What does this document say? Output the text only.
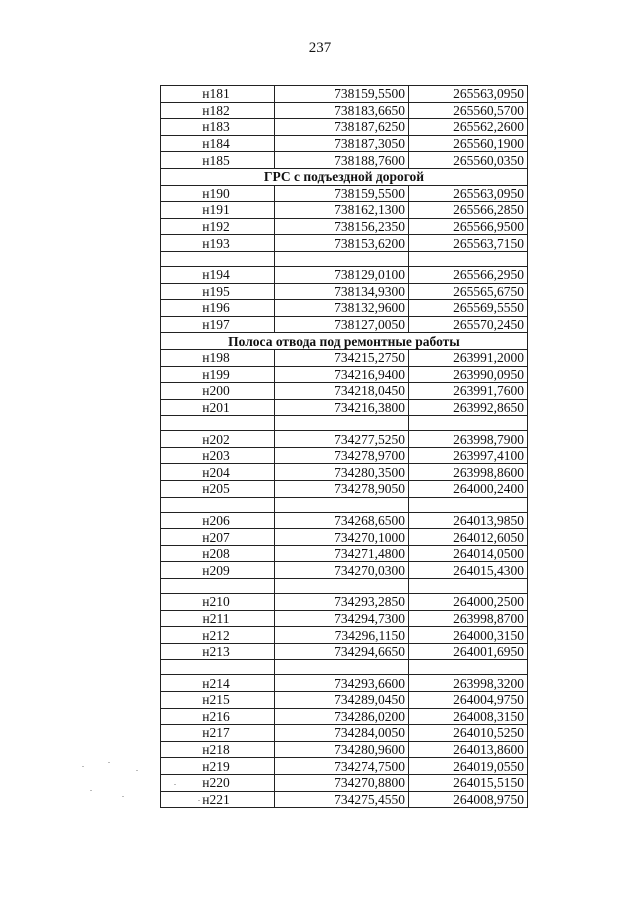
237
н181	738159,5500	265563,0950
н182	738183,6650	265560,5700
н183	738187,6250	265562,2600
н184	738187,3050	265560,1900
н185	738188,7600	265560,0350
ГРС с подъездной дорогой		
н190	738159,5500	265563,0950
н191	738162,1300	265566,2850
н192	738156,2350	265566,9500
н193	738153,6200	265563,7150

н194	738129,0100	265566,2950
н195	738134,9300	265565,6750
н196	738132,9600	265569,5550
н197	738127,0050	265570,2450
Полоса отвода под ремонтные работы		
н198	734215,2750	263991,2000
н199	734216,9400	263990,0950
н200	734218,0450	263991,7600
н201	734216,3800	263992,8650

н202	734277,5250	263998,7900
н203	734278,9700	263997,4100
н204	734280,3500	263998,8600
н205	734278,9050	264000,2400

н206	734268,6500	264013,9850
н207	734270,1000	264012,6050
н208	734271,4800	264014,0500
н209	734270,0300	264015,4300

н210	734293,2850	264000,2500
н211	734294,7300	263998,8700
н212	734296,1150	264000,3150
н213	734294,6650	264001,6950

н214	734293,6600	263998,3200
н215	734289,0450	264004,9750
н216	734286,0200	264008,3150
н217	734284,0050	264010,5250
н218	734280,9600	264013,8600
н219	734274,7500	264019,0550
н220	734270,8800	264015,5150
н221	734275,4550	264008,9750
